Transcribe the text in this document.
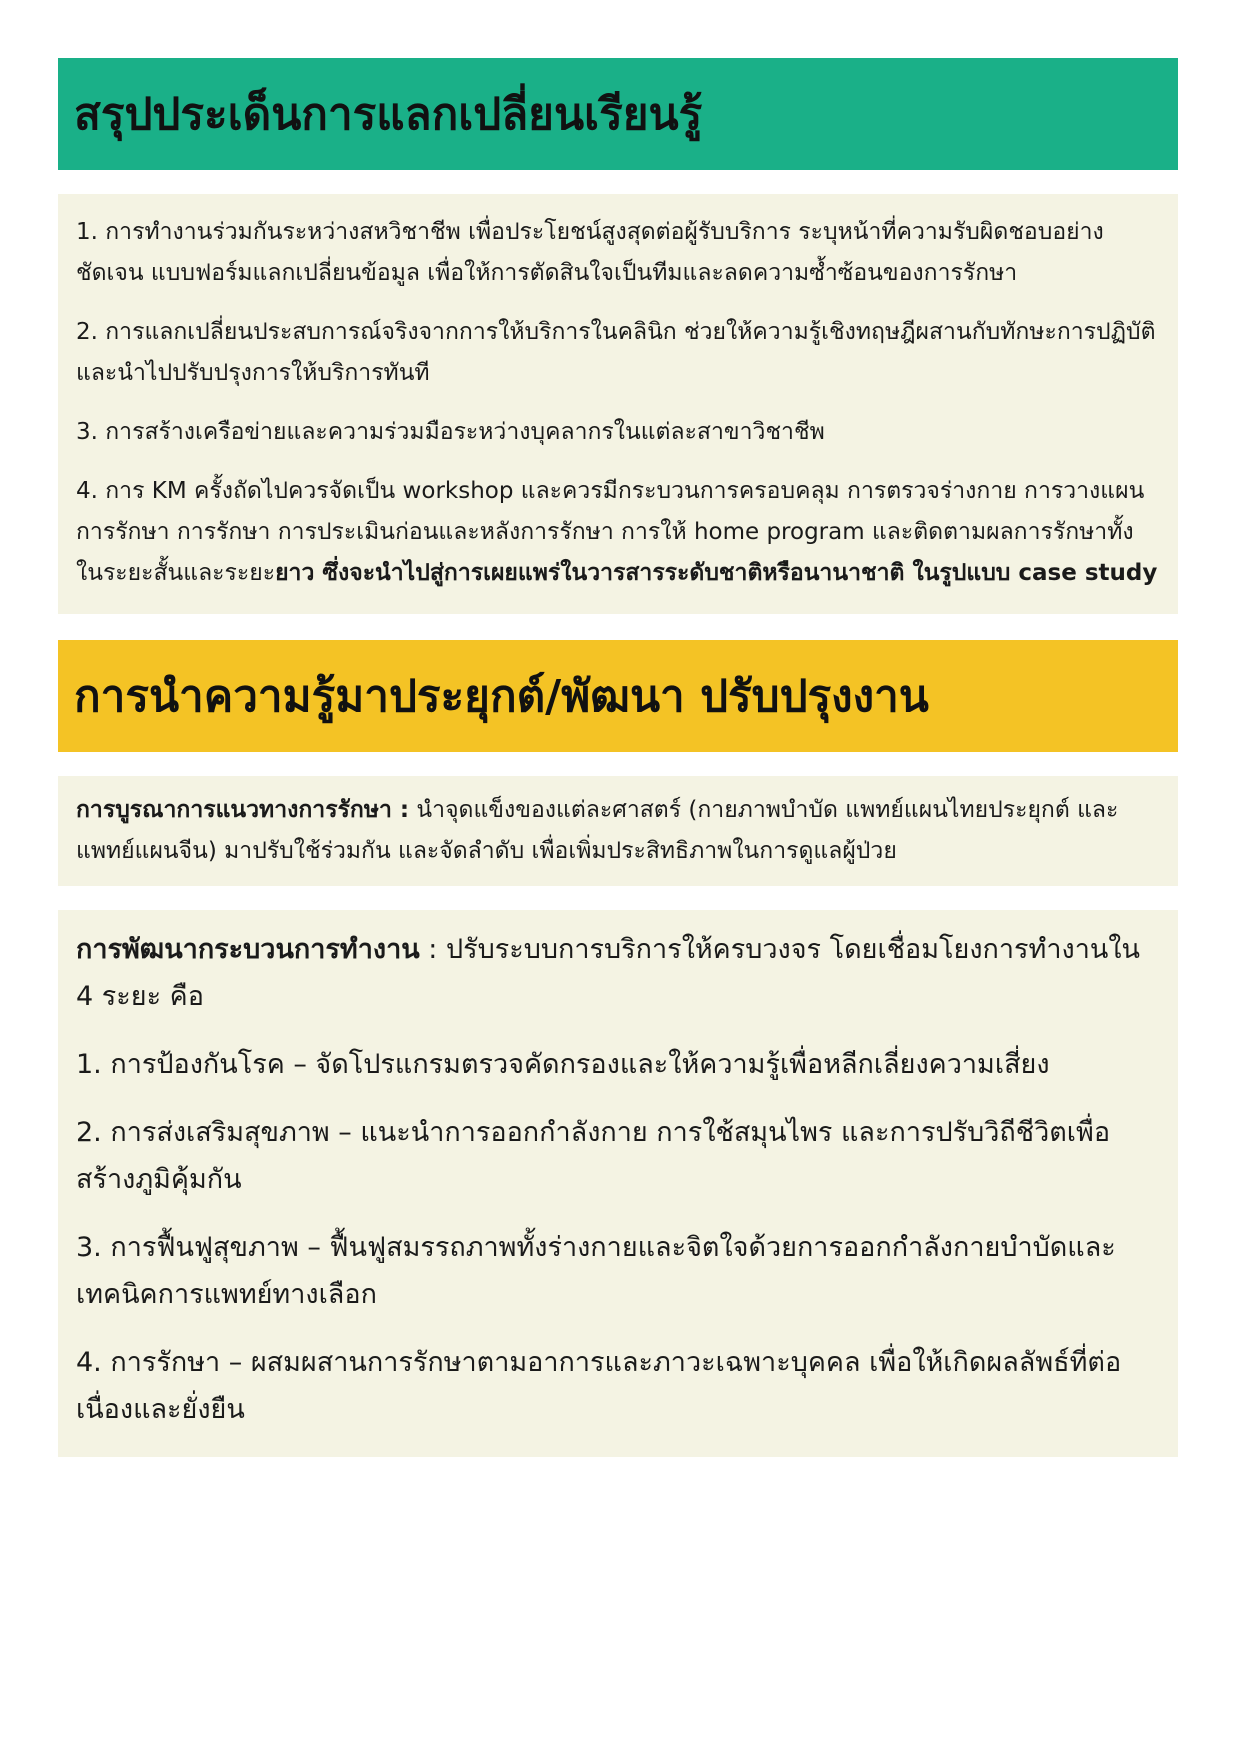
สรุปประเด็นการแลกเปลี่ยนเรียนรู้

1. การทำงานร่วมกันระหว่างสหวิชาชีพ เพื่อประโยชน์สูงสุดต่อผู้รับบริการ ระบุหน้าที่ความรับผิดชอบอย่างชัดเจน แบบฟอร์มแลกเปลี่ยนข้อมูล เพื่อให้การตัดสินใจเป็นทีมและลดความซ้ำซ้อนของการรักษา

2. การแลกเปลี่ยนประสบการณ์จริงจากการให้บริการในคลินิก ช่วยให้ความรู้เชิงทฤษฎีผสานกับทักษะการปฏิบัติและนำไปปรับปรุงการให้บริการทันที

3. การสร้างเครือข่ายและความร่วมมือระหว่างบุคลากรในแต่ละสาขาวิชาชีพ

4. การ KM ครั้งถัดไปควรจัดเป็น workshop และควรมีกระบวนการครอบคลุม การตรวจร่างกาย การวางแผนการรักษา การรักษา การประเมินก่อนและหลังการรักษา การให้ home program และติดตามผลการรักษาทั้งในระยะสั้นและระยะยาว ซึ่งจะนำไปสู่การเผยแพร่ในวารสารระดับชาติหรือนานาชาติ ในรูปแบบ case study

การนำความรู้มาประยุกต์/พัฒนา ปรับปรุงงาน

การบูรณาการแนวทางการรักษา : นำจุดแข็งของแต่ละศาสตร์ (กายภาพบำบัด แพทย์แผนไทยประยุกต์ และแพทย์แผนจีน) มาปรับใช้ร่วมกัน และจัดลำดับ เพื่อเพิ่มประสิทธิภาพในการดูแลผู้ป่วย

การพัฒนากระบวนการทำงาน : ปรับระบบการบริการให้ครบวงจร โดยเชื่อมโยงการทำงานใน 4 ระยะ คือ

1. การป้องกันโรค – จัดโปรแกรมตรวจคัดกรองและให้ความรู้เพื่อหลีกเลี่ยงความเสี่ยง

2. การส่งเสริมสุขภาพ – แนะนำการออกกำลังกาย การใช้สมุนไพร และการปรับวิถีชีวิตเพื่อสร้างภูมิคุ้มกัน

3. การฟื้นฟูสุขภาพ – ฟื้นฟูสมรรถภาพทั้งร่างกายและจิตใจด้วยการออกกำลังกายบำบัดและเทคนิคการแพทย์ทางเลือก

4. การรักษา – ผสมผสานการรักษาตามอาการและภาวะเฉพาะบุคคล เพื่อให้เกิดผลลัพธ์ที่ต่อเนื่องและยั่งยืน
